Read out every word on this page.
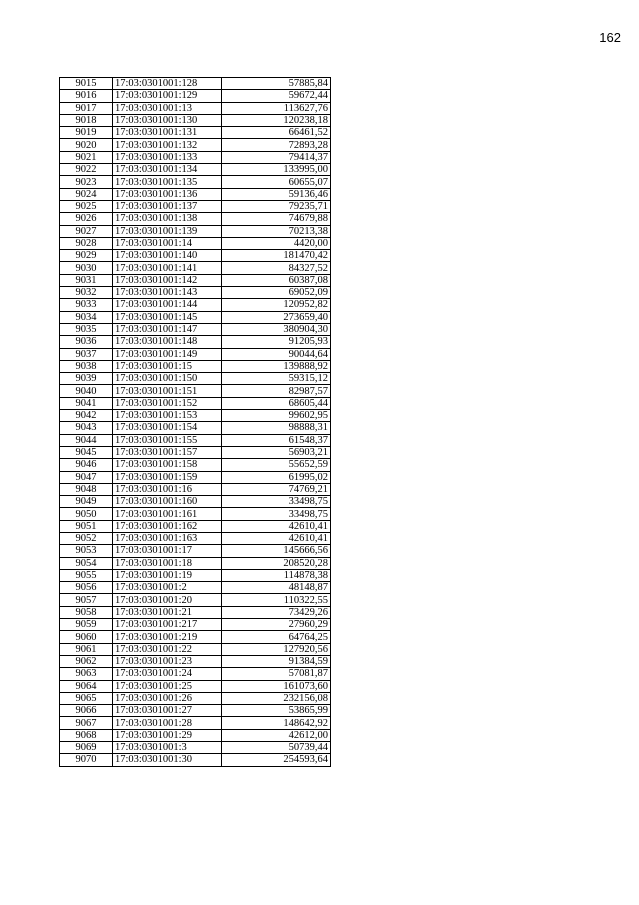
162
9015	17:03:0301001:128	57885,84
9016	17:03:0301001:129	59672,44
9017	17:03:0301001:13	113627,76
9018	17:03:0301001:130	120238,18
9019	17:03:0301001:131	66461,52
9020	17:03:0301001:132	72893,28
9021	17:03:0301001:133	79414,37
9022	17:03:0301001:134	133995,00
9023	17:03:0301001:135	60655,07
9024	17:03:0301001:136	59136,46
9025	17:03:0301001:137	79235,71
9026	17:03:0301001:138	74679,88
9027	17:03:0301001:139	70213,38
9028	17:03:0301001:14	4420,00
9029	17:03:0301001:140	181470,42
9030	17:03:0301001:141	84327,52
9031	17:03:0301001:142	60387,08
9032	17:03:0301001:143	69052,09
9033	17:03:0301001:144	120952,82
9034	17:03:0301001:145	273659,40
9035	17:03:0301001:147	380904,30
9036	17:03:0301001:148	91205,93
9037	17:03:0301001:149	90044,64
9038	17:03:0301001:15	139888,92
9039	17:03:0301001:150	59315,12
9040	17:03:0301001:151	82987,57
9041	17:03:0301001:152	68605,44
9042	17:03:0301001:153	99602,95
9043	17:03:0301001:154	98888,31
9044	17:03:0301001:155	61548,37
9045	17:03:0301001:157	56903,21
9046	17:03:0301001:158	55652,59
9047	17:03:0301001:159	61995,02
9048	17:03:0301001:16	74769,21
9049	17:03:0301001:160	33498,75
9050	17:03:0301001:161	33498,75
9051	17:03:0301001:162	42610,41
9052	17:03:0301001:163	42610,41
9053	17:03:0301001:17	145666,56
9054	17:03:0301001:18	208520,28
9055	17:03:0301001:19	114878,38
9056	17:03:0301001:2	48148,87
9057	17:03:0301001:20	110322,55
9058	17:03:0301001:21	73429,26
9059	17:03:0301001:217	27960,29
9060	17:03:0301001:219	64764,25
9061	17:03:0301001:22	127920,56
9062	17:03:0301001:23	91384,59
9063	17:03:0301001:24	57081,87
9064	17:03:0301001:25	161073,60
9065	17:03:0301001:26	232156,08
9066	17:03:0301001:27	53865,99
9067	17:03:0301001:28	148642,92
9068	17:03:0301001:29	42612,00
9069	17:03:0301001:3	50739,44
9070	17:03:0301001:30	254593,64
